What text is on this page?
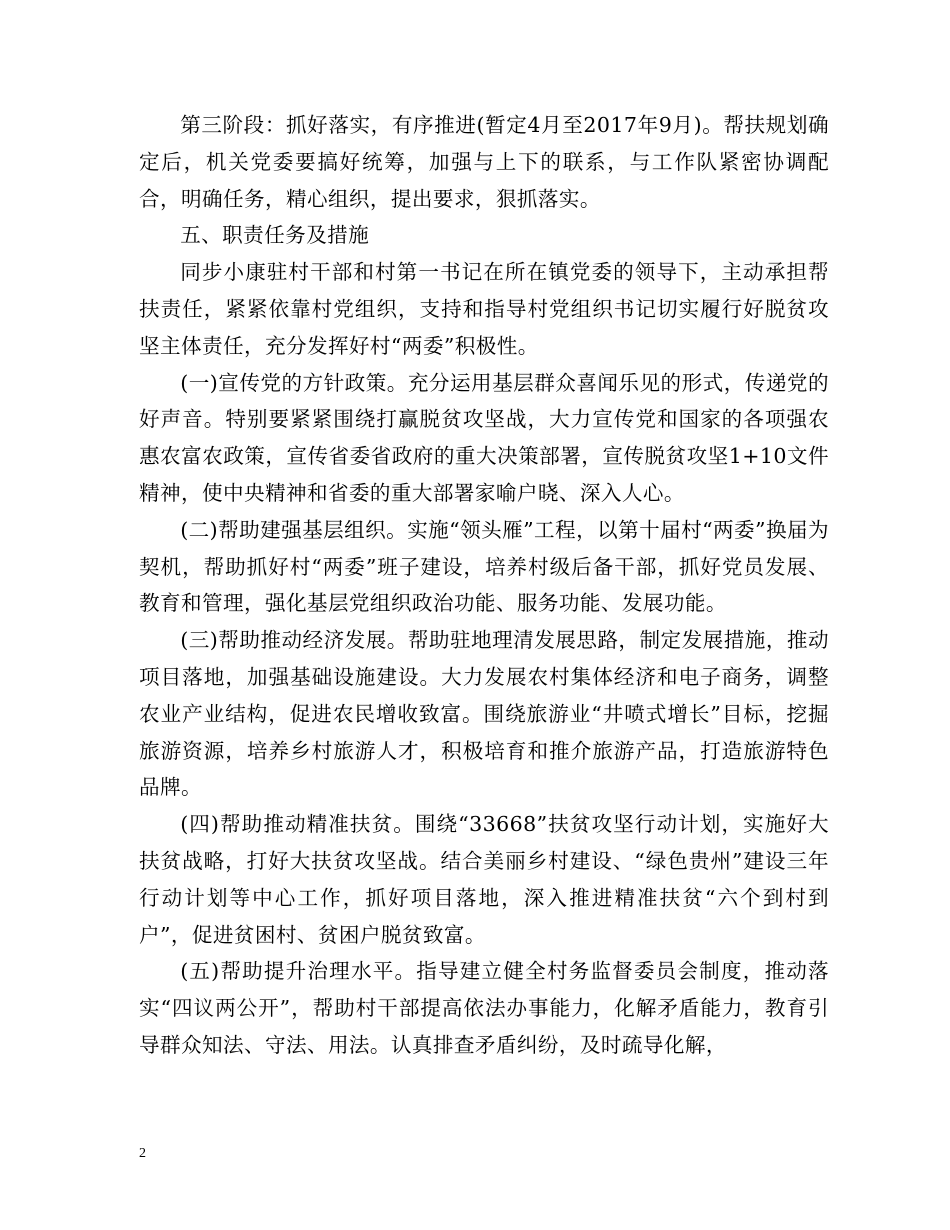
第三阶段：抓好落实，有序推进(暂定4月至2017年9月)。帮扶规划确定后，机关党委要搞好统筹，加强与上下的联系，与工作队紧密协调配合，明确任务，精心组织，提出要求，狠抓落实。

五、职责任务及措施

同步小康驻村干部和村第一书记在所在镇党委的领导下，主动承担帮扶责任，紧紧依靠村党组织，支持和指导村党组织书记切实履行好脱贫攻坚主体责任，充分发挥好村“两委”积极性。

(一)宣传党的方针政策。充分运用基层群众喜闻乐见的形式，传递党的好声音。特别要紧紧围绕打赢脱贫攻坚战，大力宣传党和国家的各项强农惠农富农政策，宣传省委省政府的重大决策部署，宣传脱贫攻坚1+10文件精神，使中央精神和省委的重大部署家喻户晓、深入人心。

(二)帮助建强基层组织。实施“领头雁”工程，以第十届村“两委”换届为契机，帮助抓好村“两委”班子建设，培养村级后备干部，抓好党员发展、教育和管理，强化基层党组织政治功能、服务功能、发展功能。

(三)帮助推动经济发展。帮助驻地理清发展思路，制定发展措施，推动项目落地，加强基础设施建设。大力发展农村集体经济和电子商务，调整农业产业结构，促进农民增收致富。围绕旅游业“井喷式增长”目标，挖掘旅游资源，培养乡村旅游人才，积极培育和推介旅游产品，打造旅游特色品牌。

(四)帮助推动精准扶贫。围绕“33668”扶贫攻坚行动计划，实施好大扶贫战略，打好大扶贫攻坚战。结合美丽乡村建设、“绿色贵州”建设三年行动计划等中心工作，抓好项目落地，深入推进精准扶贫“六个到村到户”，促进贫困村、贫困户脱贫致富。

(五)帮助提升治理水平。指导建立健全村务监督委员会制度，推动落实“四议两公开”，帮助村干部提高依法办事能力，化解矛盾能力，教育引导群众知法、守法、用法。认真排查矛盾纠纷，及时疏导化解，

2
